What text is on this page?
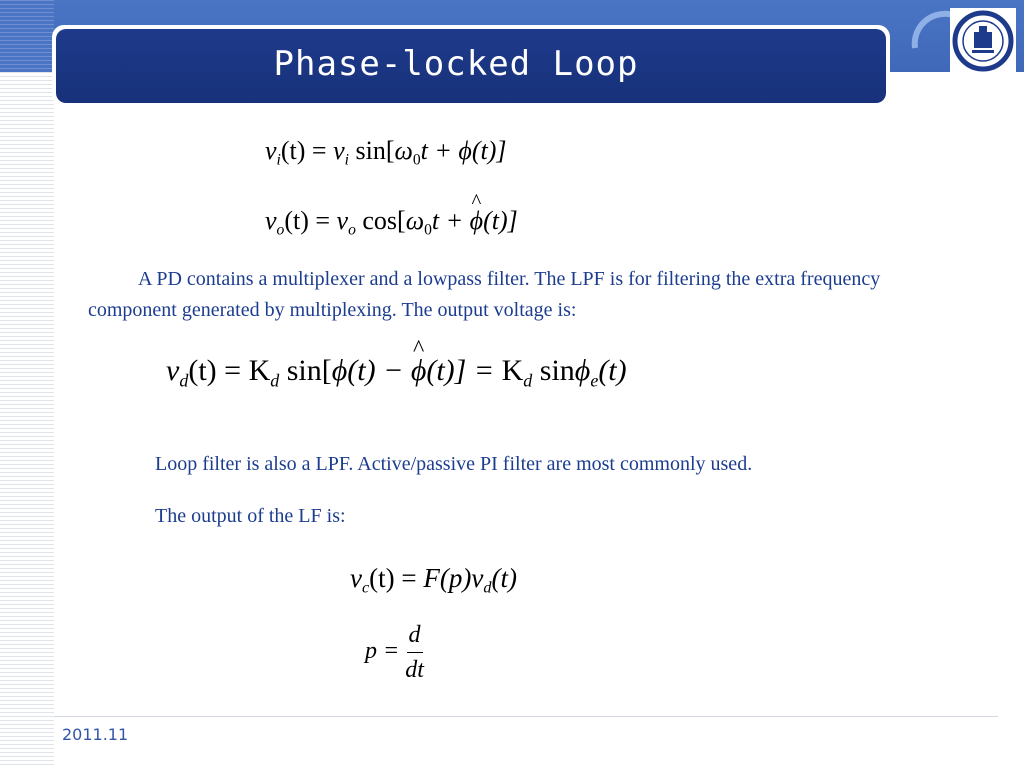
Phase-locked Loop
$v_i(t) = v_i$ $\sin[\omega_0t + \phi(t)]$
$v_o(t) = v_o$ $\cos[\omega_0t$ + ^ ϕ(t)]
A PD contains a multiplexer and a lowpass filter. The LPF is for filtering the extra frequency component generated by multiplexing. The output voltage is:
$v_d(t) = K_d$ sin[ϕ(t) − ^ $\phi(t)] = K_d$ sinϕ$_e$(t)
Loop filter is also a LPF. Active/passive PI filter are most commonly used.
The output of the LF is:
$v_c(t) = F(p)v_d(t)$
$p = \frac{d}{dt}$
2011.11
